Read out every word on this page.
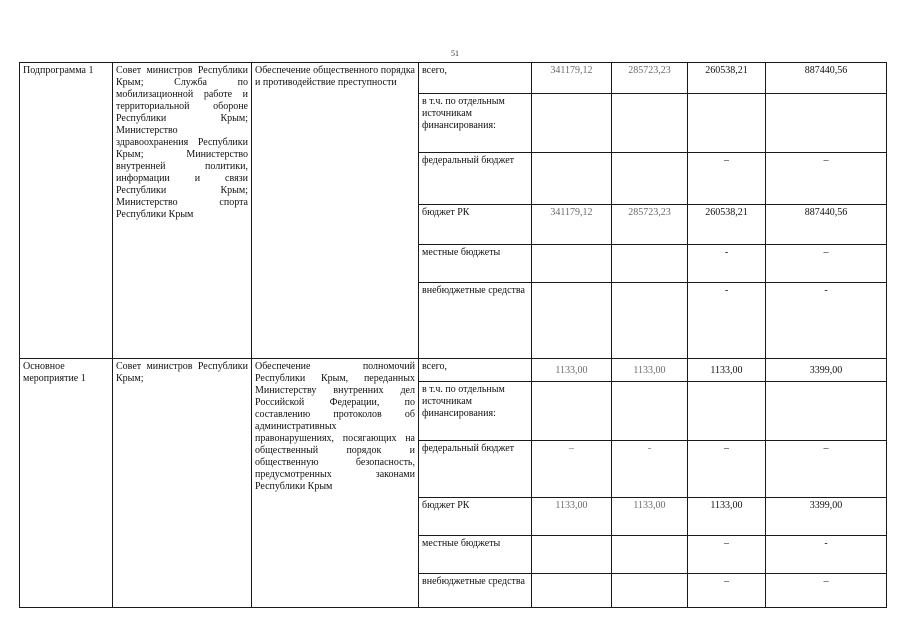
51
Подпрограмма 1	Совет министров Республики Крым; Служба по мобилизационной работе и территориальной обороне Республики Крым; Министерство здравоохранения Республики Крым; Министерство внутренней политики, информации и связи Республики Крым; Министерство спорта Республики Крым	Обеспечение общественного порядка и противодействие преступности	всего,	341179,12	285723,23	260538,21	887440,56
			в т.ч. по отдельным источникам финансирования:				
			федеральный бюджет			–	–
			бюджет РК	341179,12	285723,23	260538,21	887440,56
			местные бюджеты			-	–
			внебюджетные средства			-	-
Основное мероприятие 1	Совет министров Республики Крым;	Обеспечение полномочий Республики Крым, переданных Министерству внутренних дел Российской Федерации, по составлению протоколов об административных правонарушениях, посягающих на общественный порядок и общественную безопасность, предусмотренных законами Республики Крым	всего,	1133,00	1133,00	1133,00	3399,00
			в т.ч. по отдельным источникам финансирования:				
			федеральный бюджет	–	-	–	–
			бюджет РК	1133,00	1133,00	1133,00	3399,00
			местные бюджеты			–	-
			внебюджетные средства			–	–
